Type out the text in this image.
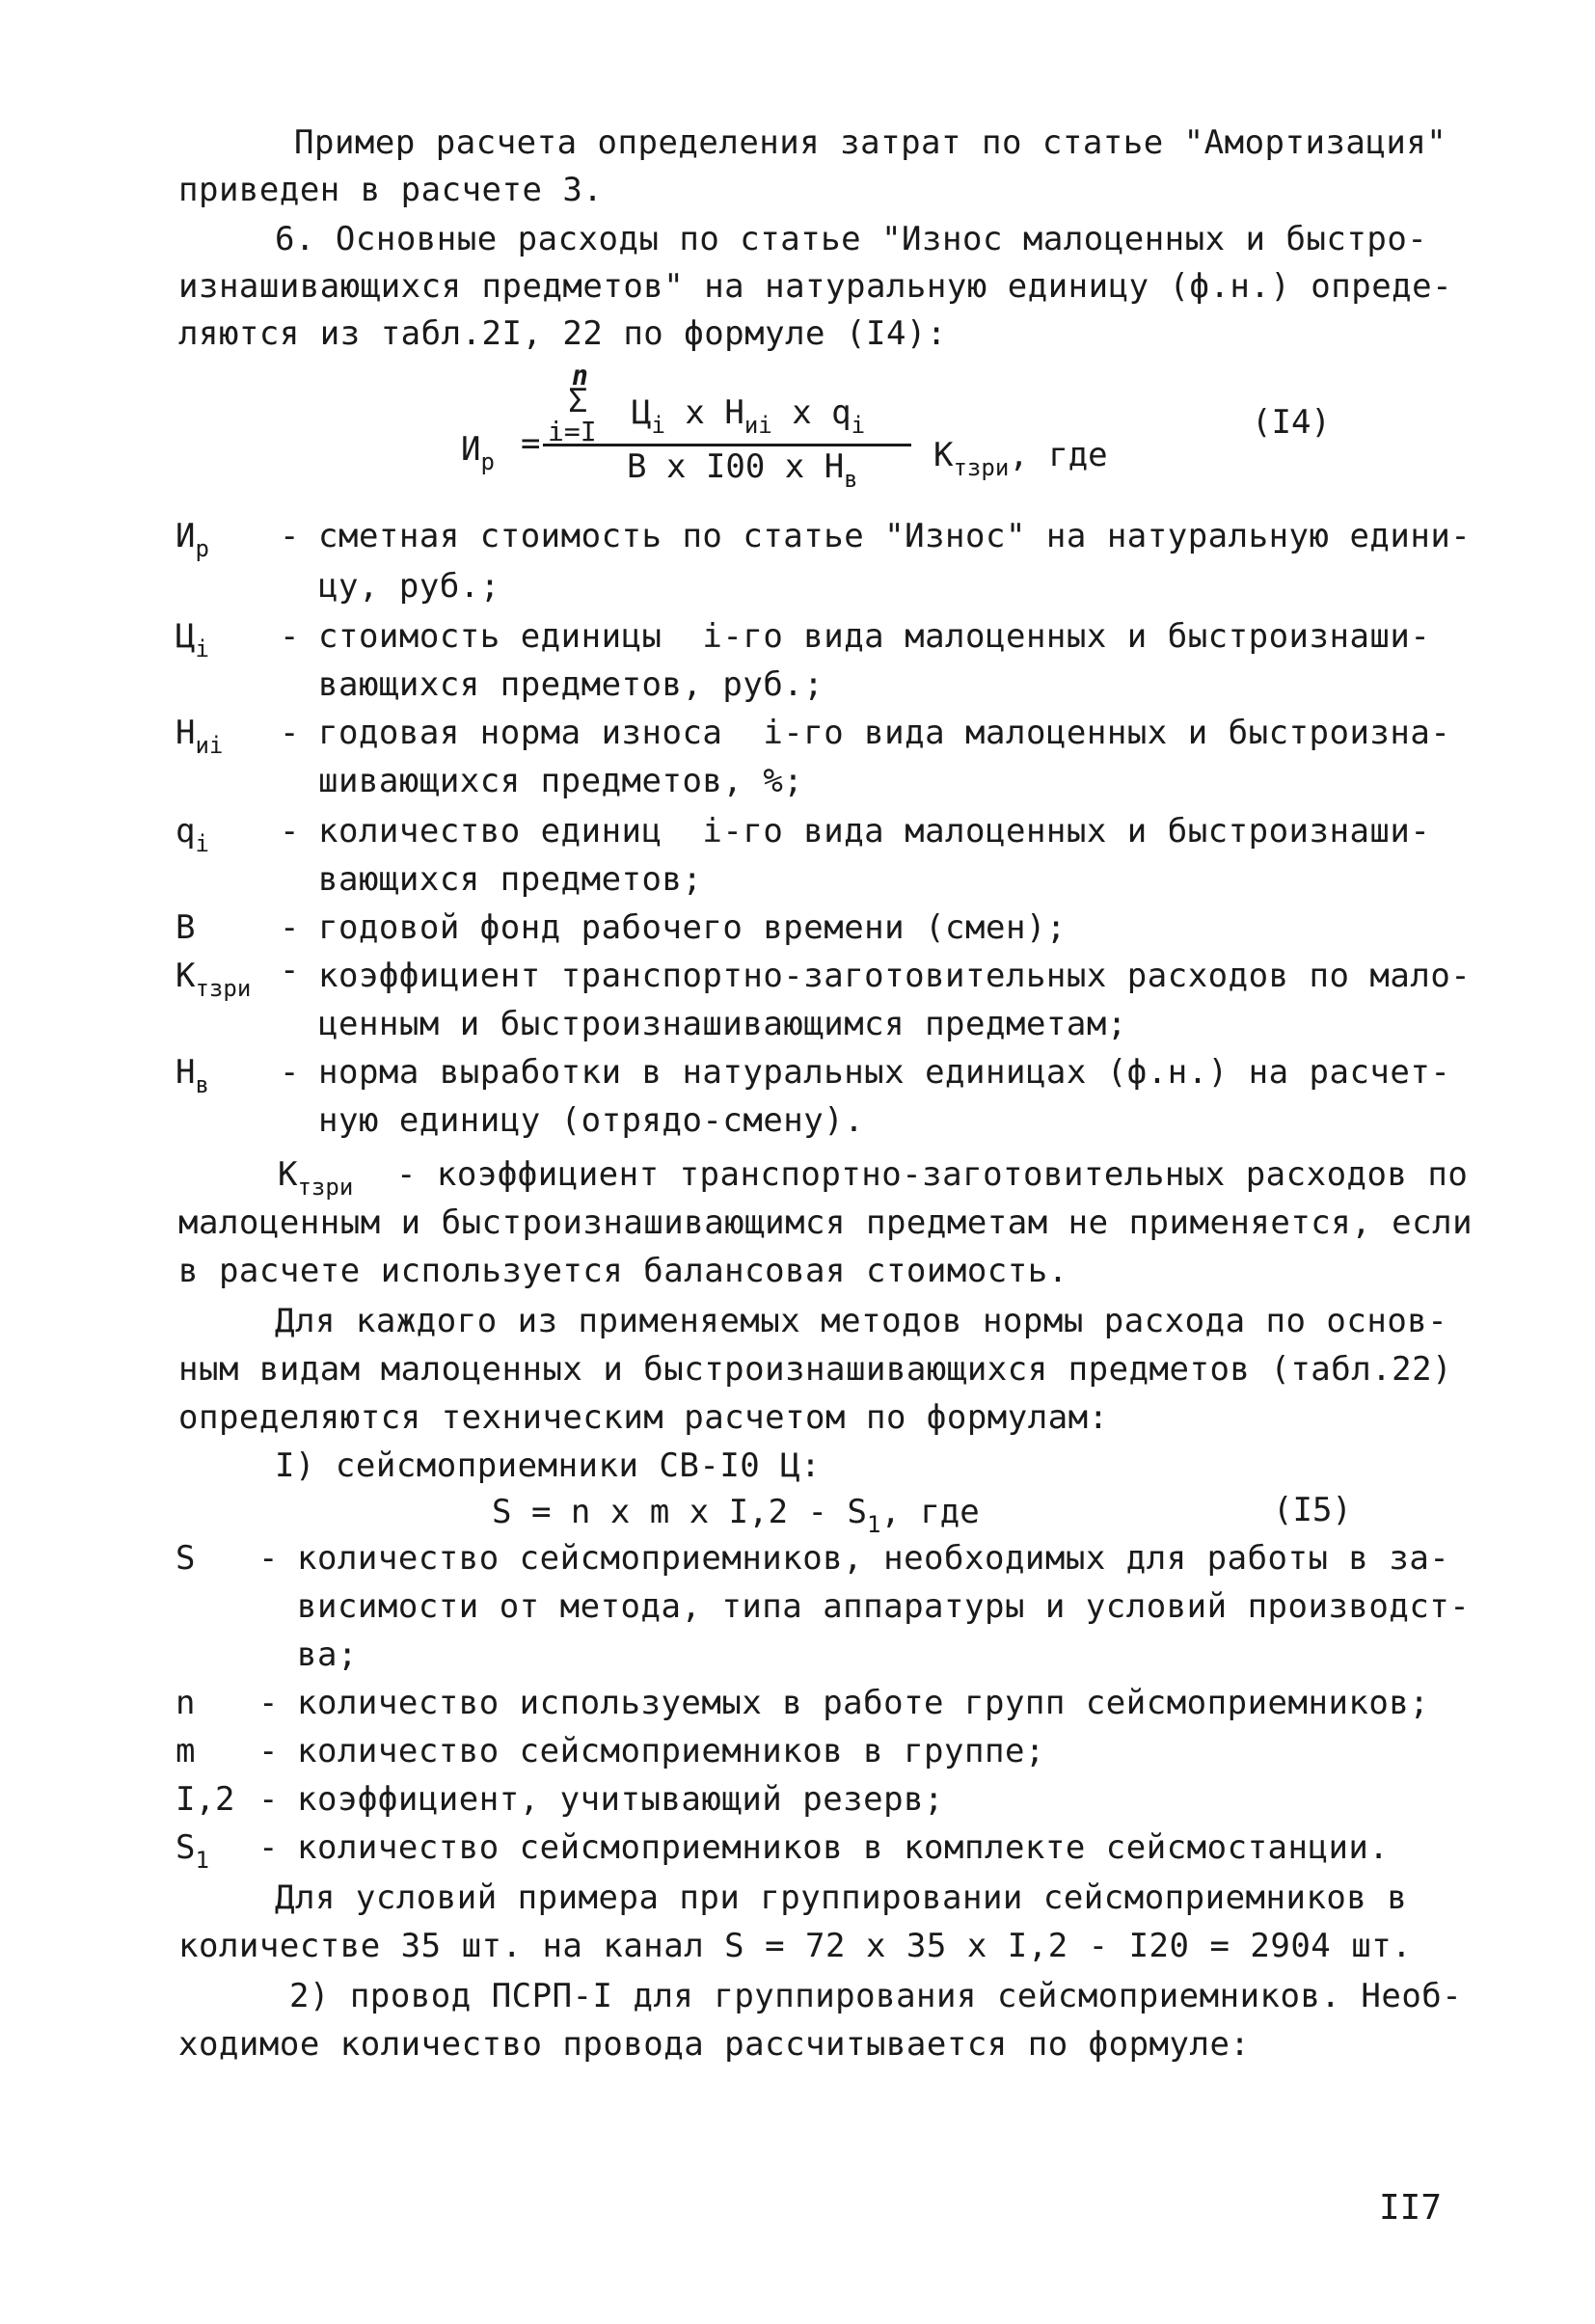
Пример расчета определения затрат по статье "Амортизация"
приведен в расчете 3.
6. Основные расходы по статье "Износ малоценных и быстро-
изнашивающихся предметов" на натуральную единицу (ф.н.) опреде-
ляются из табл.2I, 22 по формуле (I4):
$И_р$ =
n
Σ
i=I $Ц_i$ x $Н_{иi}$ x $q_i$
В x I00 x $Н_в$
$К_{тзри}$, где
(I4)
$И_р$ - сметная стоимость по статье "Износ" на натуральную едини-
цу, руб.;
$Ц_i$ - стоимость единицы  i-го вида малоценных и быстроизнаши-
вающихся предметов, руб.;
$Н_{иi}$ - годовая норма износа  i-го вида малоценных и быстроизна-
шивающихся предметов, %;
$q_i$ - количество единиц  i-го вида малоценных и быстроизнаши-
вающихся предметов;
В	- годовой фонд рабочего времени (смен);
$К_{тзри}$ - коэффициент транспортно-заготовительных расходов по мало-
ценным и быстроизнашивающимся предметам;
$Н_в$ - норма выработки в натуральных единицах (ф.н.) на расчет-
ную единицу (отрядо-смену).
$К_{тзри}$ - коэффициент транспортно-заготовительных расходов по
малоценным и быстроизнашивающимся предметам не применяется, если
в расчете используется балансовая стоимость.
Для каждого из применяемых методов нормы расхода по основ-
ным видам малоценных и быстроизнашивающихся предметов (табл.22)
определяются техническим расчетом по формулам:
I) сейсмоприемники СВ-I0 Ц:
S = n x m x $I,2 - S_1$, где	(I5)
S - количество сейсмоприемников, необходимых для работы в за-
висимости от метода, типа аппаратуры и условий производст-
ва;
n - количество используемых в работе групп сейсмоприемников;
m - количество сейсмоприемников в группе;
I,2 - коэффициент, учитывающий резерв;
$S_1$ - количество сейсмоприемников в комплекте сейсмостанции.
Для условий примера при группировании сейсмоприемников в
количестве 35 шт. на канал S = 72 x 35 x I,2 - I20 = 2904 шт.
2) провод ПСРП-I для группирования сейсмоприемников. Необ-
ходимое количество провода рассчитывается по формуле:
II7
